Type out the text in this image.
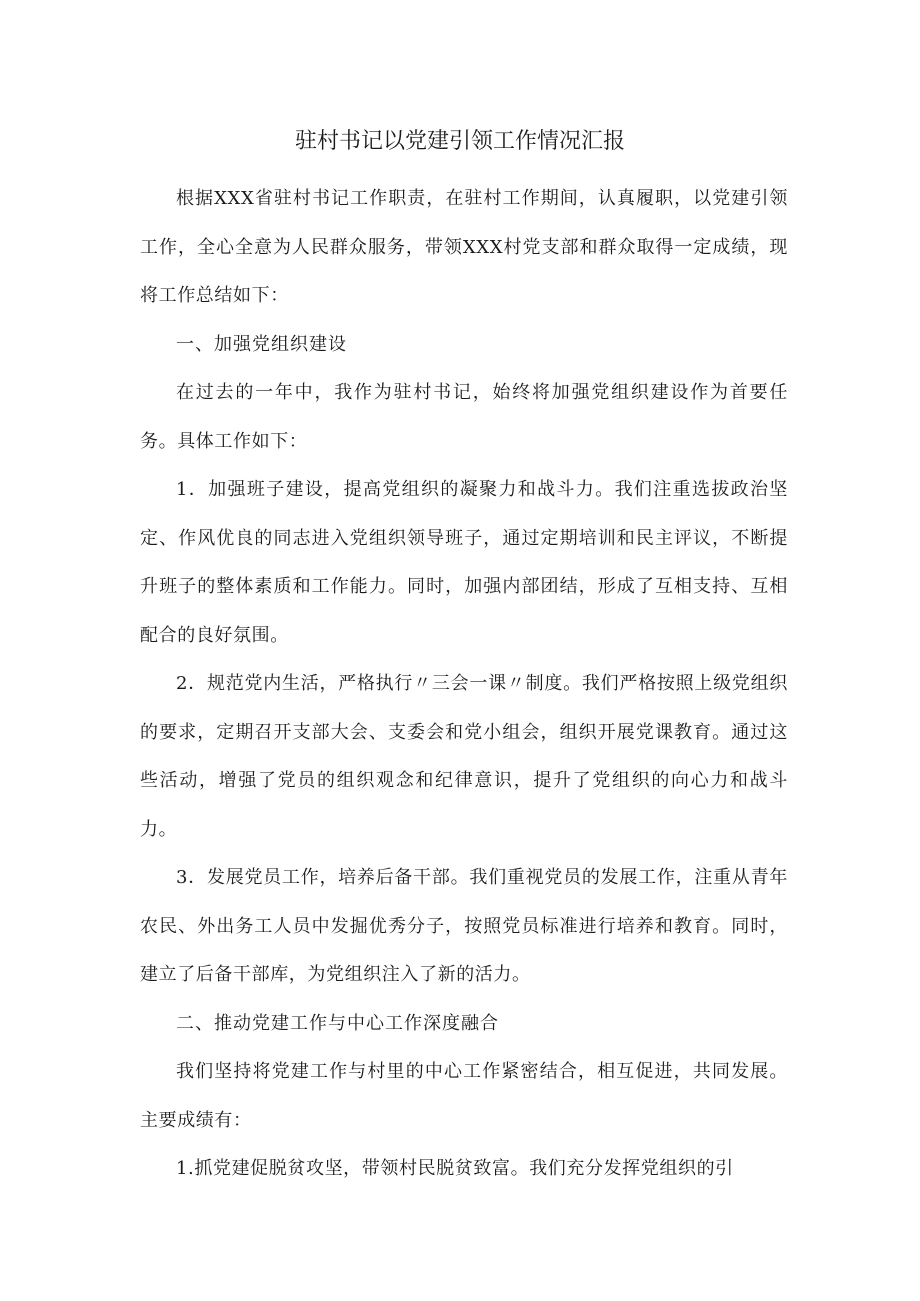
驻村书记以党建引领工作情况汇报

根据XXX省驻村书记工作职责，在驻村工作期间，认真履职，以党建引领工作，全心全意为人民群众服务，带领XXX村党支部和群众取得一定成绩，现将工作总结如下：

一、加强党组织建设

在过去的一年中，我作为驻村书记，始终将加强党组织建设作为首要任务。具体工作如下：

1．加强班子建设，提高党组织的凝聚力和战斗力。我们注重选拔政治坚定、作风优良的同志进入党组织领导班子，通过定期培训和民主评议，不断提升班子的整体素质和工作能力。同时，加强内部团结，形成了互相支持、互相配合的良好氛围。

2．规范党内生活，严格执行〃三会一课〃制度。我们严格按照上级党组织的要求，定期召开支部大会、支委会和党小组会，组织开展党课教育。通过这些活动，增强了党员的组织观念和纪律意识，提升了党组织的向心力和战斗力。

3．发展党员工作，培养后备干部。我们重视党员的发展工作，注重从青年农民、外出务工人员中发掘优秀分子，按照党员标准进行培养和教育。同时，建立了后备干部库，为党组织注入了新的活力。

二、推动党建工作与中心工作深度融合

我们坚持将党建工作与村里的中心工作紧密结合，相互促进，共同发展。主要成绩有：

1.抓党建促脱贫攻坚，带领村民脱贫致富。我们充分发挥党组织的引
